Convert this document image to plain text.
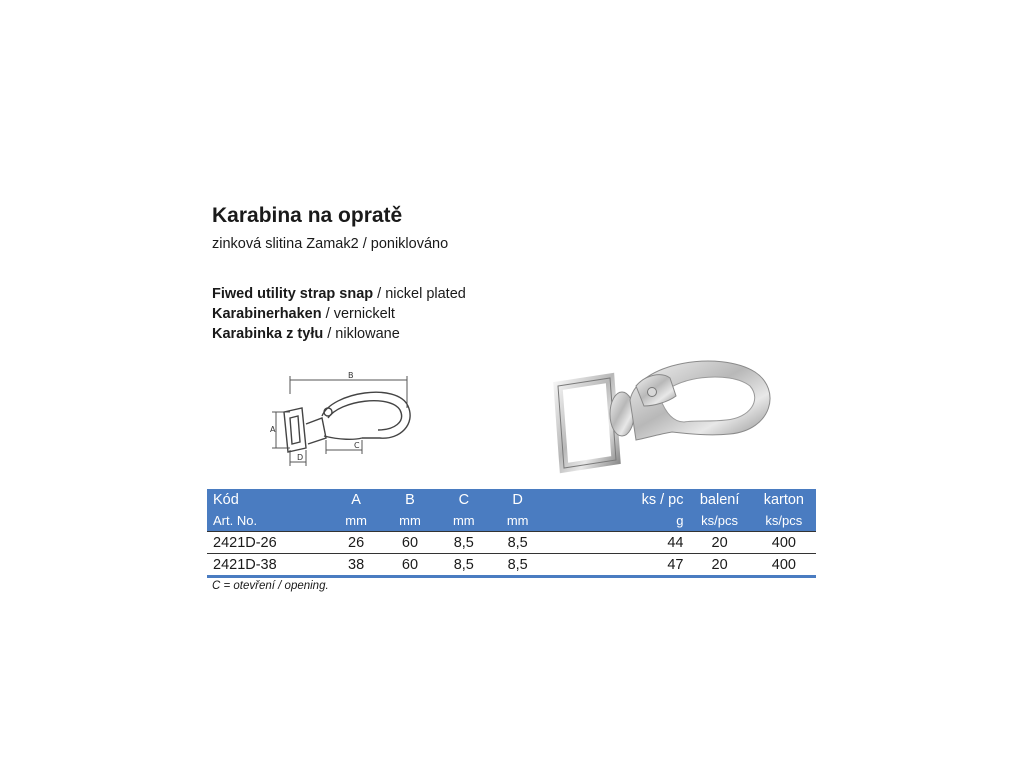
Karabina na opratě
zinková slitina Zamak2 / poniklováno
Fiwed utility strap snap / nickel plated
Karabinerhaken / vernickelt
Karabinka z tyłu / niklowane
B
A
D
C
Kód	A	B	C	D		ks / pc	balení	karton
Art. No.	mm	mm	mm	mm		g	ks/pcs	ks/pcs
2421D-26	26	60	8,5	8,5		44	20	400
2421D-38	38	60	8,5	8,5		47	20	400
C = otevření / opening.
